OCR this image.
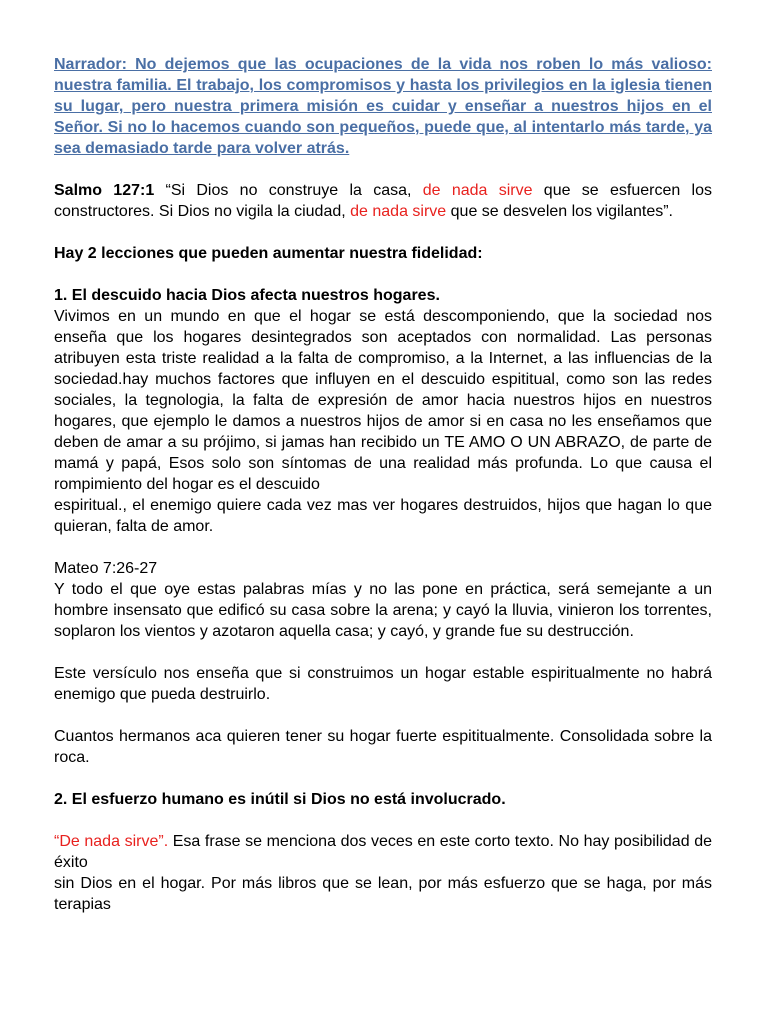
Narrador: No dejemos que las ocupaciones de la vida nos roben lo más valioso: nuestra familia. El trabajo, los compromisos y hasta los privilegios en la iglesia tienen su lugar, pero nuestra primera misión es cuidar y enseñar a nuestros hijos en el Señor. Si no lo hacemos cuando son pequeños, puede que, al intentarlo más tarde, ya sea demasiado tarde para volver atrás.

Salmo 127:1 “Si Dios no construye la casa, de nada sirve que se esfuercen los constructores. Si Dios no vigila la ciudad, de nada sirve que se desvelen los vigilantes”.

Hay 2 lecciones que pueden aumentar nuestra fidelidad:

1. El descuido hacia Dios afecta nuestros hogares.

Vivimos en un mundo en que el hogar se está descomponiendo, que la sociedad nos enseña que los hogares desintegrados son aceptados con normalidad. Las personas atribuyen esta triste realidad a la falta de compromiso, a la Internet, a las influencias de la sociedad.hay muchos factores que influyen en el descuido espititual, como son las redes sociales, la tegnologia, la falta de expresión de amor hacia nuestros hijos en nuestros hogares, que ejemplo le damos a nuestros hijos de amor si en casa no les enseñamos que deben de amar a su prójimo, si jamas han recibido un TE AMO O UN ABRAZO, de parte de mamá y papá, Esos solo son síntomas de una realidad más profunda. Lo que causa el rompimiento del hogar es el descuido

espiritual., el enemigo quiere cada vez mas ver hogares destruidos, hijos que hagan lo que quieran, falta de amor.

Mateo 7:26-27

Y todo el que oye estas palabras mías y no las pone en práctica, será semejante a un hombre insensato que edificó su casa sobre la arena; y cayó la lluvia, vinieron los torrentes, soplaron los vientos y azotaron aquella casa; y cayó, y grande fue su destrucción.

Este versículo nos enseña que si construimos un hogar estable espiritualmente no habrá enemigo que pueda destruirlo.

Cuantos hermanos aca quieren tener su hogar fuerte espititualmente. Consolidada sobre la roca.

2. El esfuerzo humano es inútil si Dios no está involucrado.

“De nada sirve”. Esa frase se menciona dos veces en este corto texto. No hay posibilidad de éxito

sin Dios en el hogar. Por más libros que se lean, por más esfuerzo que se haga, por más terapias
